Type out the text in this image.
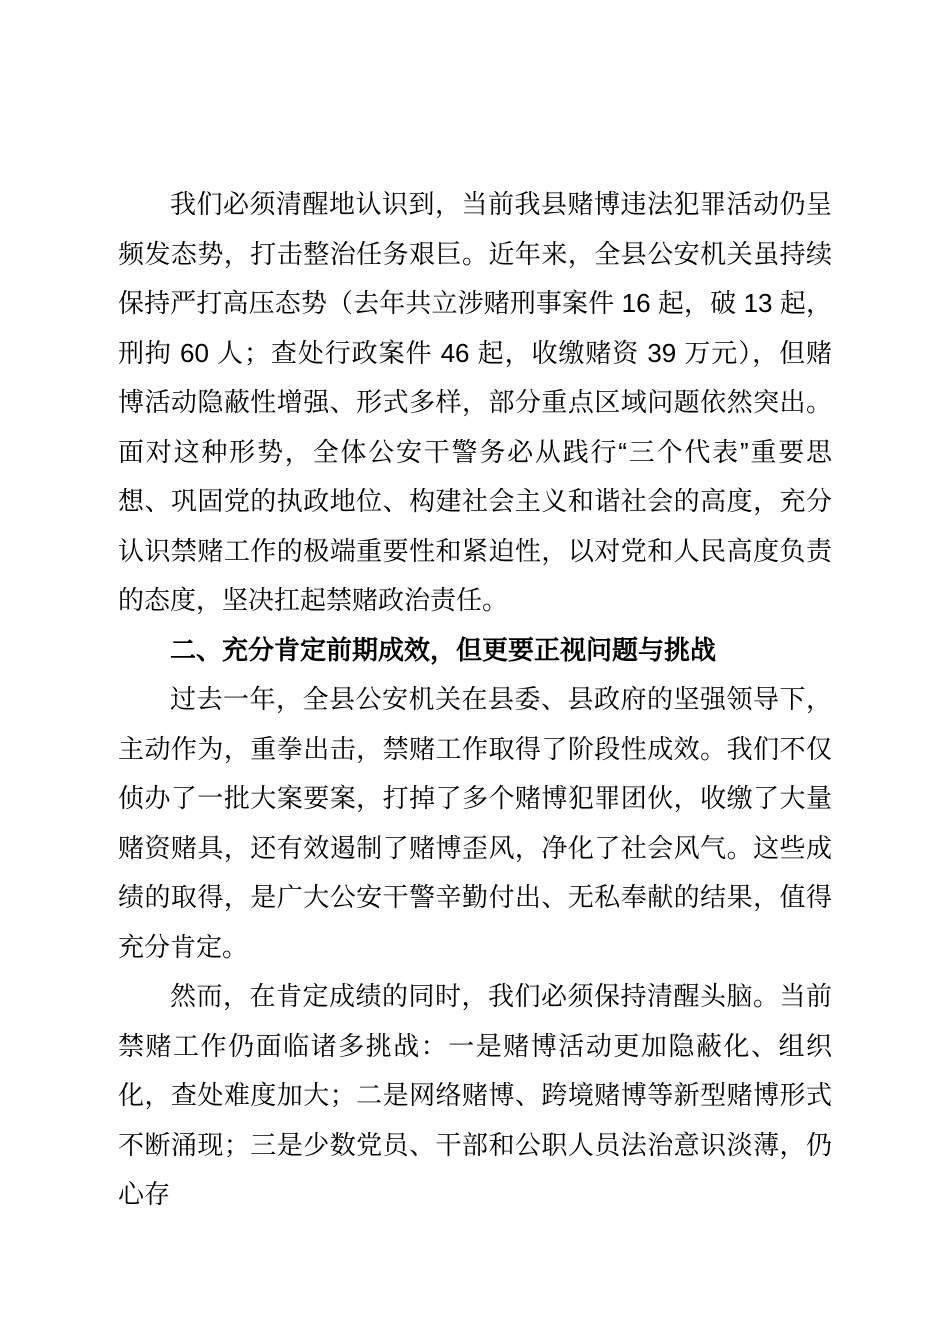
我们必须清醒地认识到，当前我县赌博违法犯罪活动仍呈频发态势，打击整治任务艰巨。近年来，全县公安机关虽持续保持严打高压态势（去年共立涉赌刑事案件 16 起，破 13 起，刑拘 60 人；查处行政案件 46 起，收缴赌资 39 万元），但赌博活动隐蔽性增强、形式多样，部分重点区域问题依然突出。面对这种形势，全体公安干警务必从践行“三个代表”重要思想、巩固党的执政地位、构建社会主义和谐社会的高度，充分认识禁赌工作的极端重要性和紧迫性，以对党和人民高度负责的态度，坚决扛起禁赌政治责任。

二、充分肯定前期成效，但更要正视问题与挑战

过去一年，全县公安机关在县委、县政府的坚强领导下，主动作为，重拳出击，禁赌工作取得了阶段性成效。我们不仅侦办了一批大案要案，打掉了多个赌博犯罪团伙，收缴了大量赌资赌具，还有效遏制了赌博歪风，净化了社会风气。这些成绩的取得，是广大公安干警辛勤付出、无私奉献的结果，值得充分肯定。

然而，在肯定成绩的同时，我们必须保持清醒头脑。当前禁赌工作仍面临诸多挑战：一是赌博活动更加隐蔽化、组织化，查处难度加大；二是网络赌博、跨境赌博等新型赌博形式不断涌现；三是少数党员、干部和公职人员法治意识淡薄，仍心存
